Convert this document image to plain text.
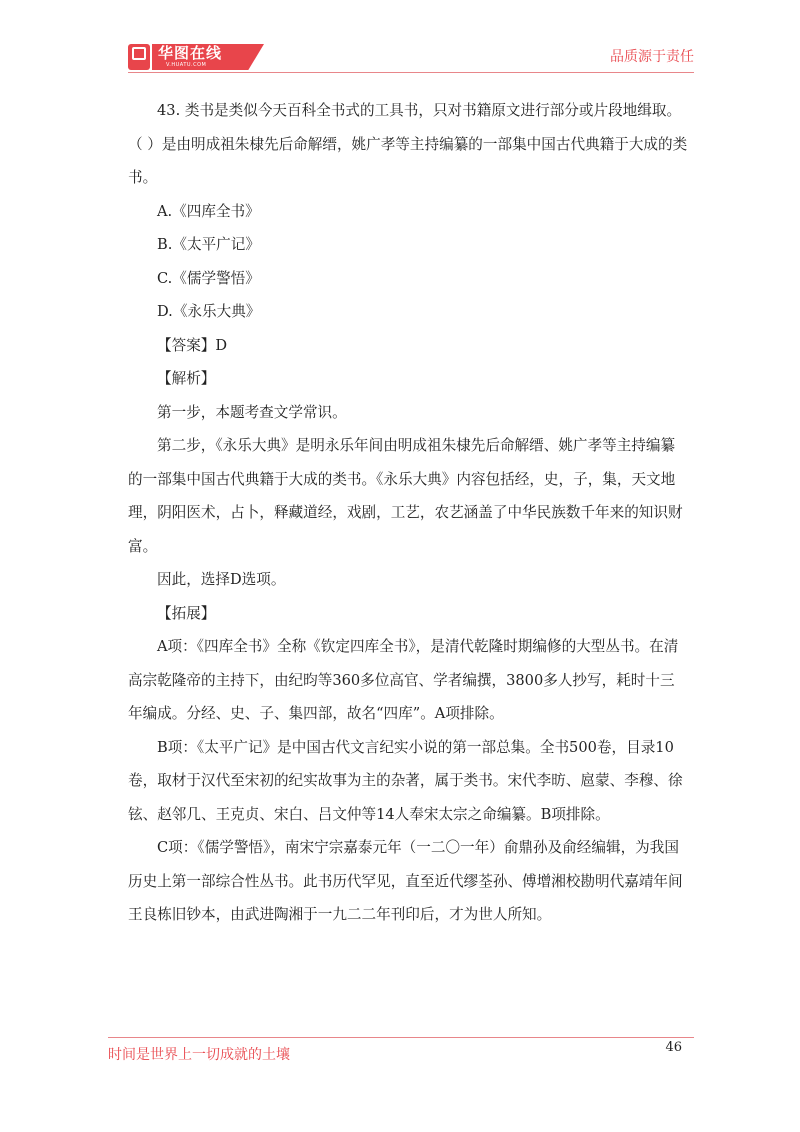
华图在线
V.HUATU.COM	品质源于责任

43. 类书是类似今天百科全书式的工具书，只对书籍原文进行部分或片段地缉取。（ ）是由明成祖朱棣先后命解缙，姚广孝等主持编纂的一部集中国古代典籍于大成的类书。

A.《四库全书》

B.《太平广记》

C.《儒学警悟》

D.《永乐大典》

【答案】D

【解析】

第一步，本题考查文学常识。

第二步，《永乐大典》是明永乐年间由明成祖朱棣先后命解缙、姚广孝等主持编纂的一部集中国古代典籍于大成的类书。《永乐大典》内容包括经，史，子，集，天文地理，阴阳医术，占卜，释藏道经，戏剧，工艺，农艺涵盖了中华民族数千年来的知识财富。

因此，选择D选项。

【拓展】

A项：《四库全书》全称《钦定四库全书》，是清代乾隆时期编修的大型丛书。在清高宗乾隆帝的主持下，由纪昀等360多位高官、学者编撰，3800多人抄写，耗时十三年编成。分经、史、子、集四部，故名“四库”。A项排除。

B项：《太平广记》是中国古代文言纪实小说的第一部总集。全书500卷，目录10卷，取材于汉代至宋初的纪实故事为主的杂著，属于类书。宋代李昉、扈蒙、李穆、徐铉、赵邻几、王克贞、宋白、吕文仲等14人奉宋太宗之命编纂。B项排除。

C项：《儒学警悟》，南宋宁宗嘉泰元年（一二〇一年）俞鼎孙及俞经编辑，为我国历史上第一部综合性丛书。此书历代罕见，直至近代缪荃孙、傅增湘校勘明代嘉靖年间王良栋旧钞本，由武进陶湘于一九二二年刊印后，才为世人所知。

时间是世界上一切成就的土壤	46
